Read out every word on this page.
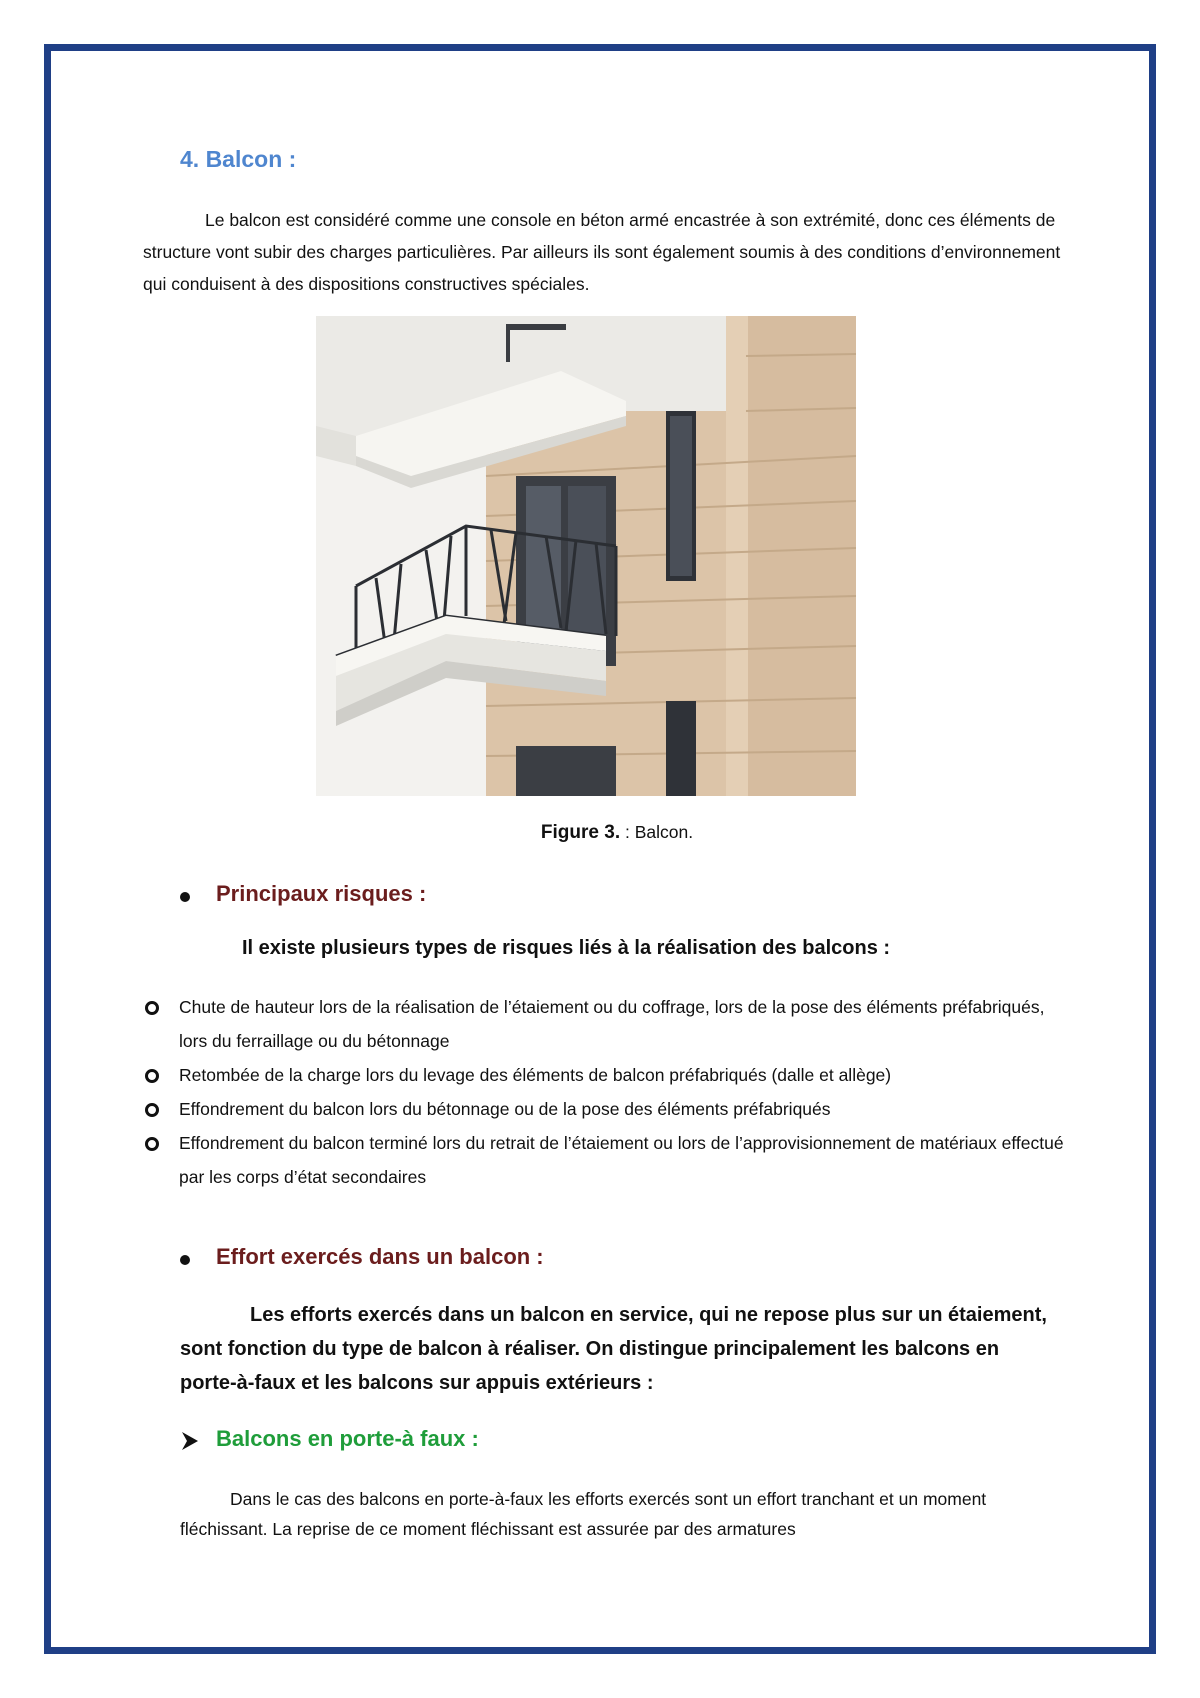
4. Balcon :
Le balcon est considéré comme une console en béton armé encastrée à son extrémité, donc ces éléments de structure vont subir des charges particulières. Par ailleurs ils sont également soumis à des conditions d’environnement qui conduisent à des dispositions constructives spéciales.
Figure 3. : Balcon.
Principaux risques :
Il existe plusieurs types de risques liés à la réalisation des balcons :
Chute de hauteur lors de la réalisation de l’étaiement ou du coffrage, lors de la pose des éléments préfabriqués, lors du ferraillage ou du bétonnage
Retombée de la charge lors du levage des éléments de balcon préfabriqués (dalle et allège)
Effondrement du balcon lors du bétonnage ou de la pose des éléments préfabriqués
Effondrement du balcon terminé lors du retrait de l’étaiement ou lors de l’approvisionnement de matériaux effectué par les corps d’état secondaires
Effort exercés dans un balcon :
Les efforts exercés dans un balcon en service, qui ne repose plus sur un étaiement, sont fonction du type de balcon à réaliser. On distingue principalement les balcons en porte-à-faux et les balcons sur appuis extérieurs :
Balcons en porte-à faux :
Dans le cas des balcons en porte-à-faux les efforts exercés sont un effort tranchant et un moment fléchissant. La reprise de ce moment fléchissant est assurée par des armatures
